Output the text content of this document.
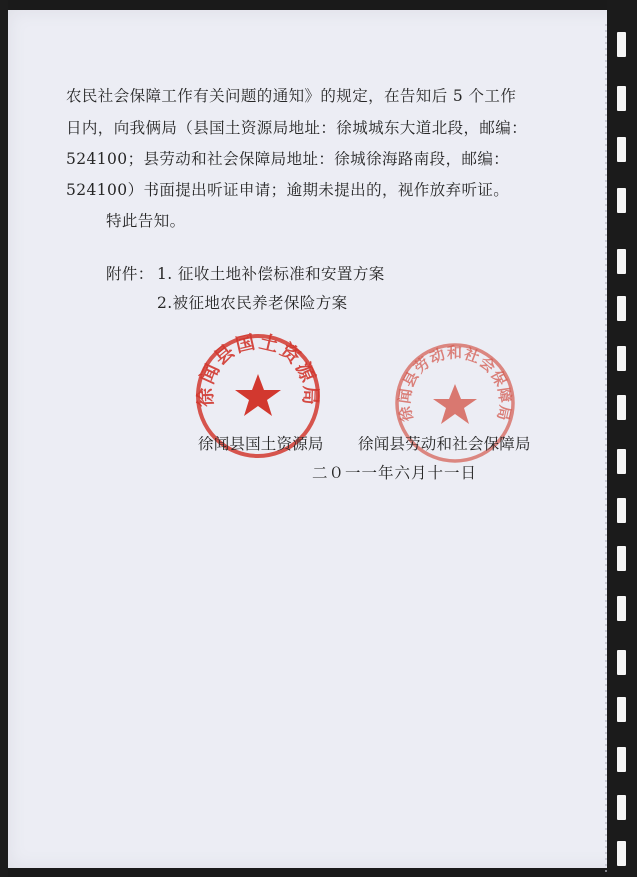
农民社会保障工作有关问题的通知》的规定，在告知后 5 个工作
日内，向我俩局（县国土资源局地址：徐城城东大道北段，邮编：
524100；县劳动和社会保障局地址：徐城徐海路南段，邮编：
524100）书面提出听证申请；逾期未提出的，视作放弃听证。
特此告知。
附件： 1. 征收土地补偿标准和安置方案
2.被征地农民养老保险方案
徐闻县国土资源局
徐闻县劳动和社会保障局
徐闻县国土资源局 徐闻县劳动和社会保障局
二０一一年六月十一日
